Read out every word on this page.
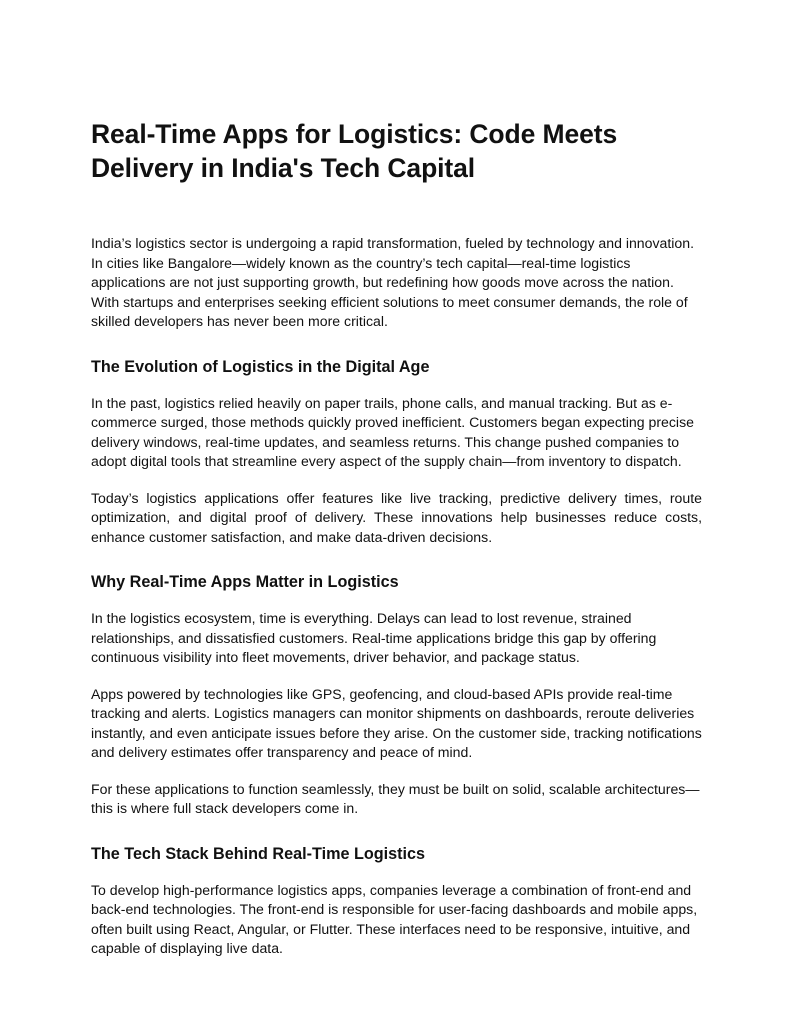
Real-Time Apps for Logistics: Code Meets
Delivery in India's Tech Capital

India’s logistics sector is undergoing a rapid transformation, fueled by technology and innovation. In cities like Bangalore—widely known as the country’s tech capital—real-time logistics applications are not just supporting growth, but redefining how goods move across the nation. With startups and enterprises seeking efficient solutions to meet consumer demands, the role of skilled developers has never been more critical.

The Evolution of Logistics in the Digital Age

In the past, logistics relied heavily on paper trails, phone calls, and manual tracking. But as e-commerce surged, those methods quickly proved inefficient. Customers began expecting precise delivery windows, real-time updates, and seamless returns. This change pushed companies to adopt digital tools that streamline every aspect of the supply chain—from inventory to dispatch.

Today’s logistics applications offer features like live tracking, predictive delivery times, route optimization, and digital proof of delivery. These innovations help businesses reduce costs, enhance customer satisfaction, and make data-driven decisions.

Why Real-Time Apps Matter in Logistics

In the logistics ecosystem, time is everything. Delays can lead to lost revenue, strained relationships, and dissatisfied customers. Real-time applications bridge this gap by offering continuous visibility into fleet movements, driver behavior, and package status.

Apps powered by technologies like GPS, geofencing, and cloud-based APIs provide real-time tracking and alerts. Logistics managers can monitor shipments on dashboards, reroute deliveries instantly, and even anticipate issues before they arise. On the customer side, tracking notifications and delivery estimates offer transparency and peace of mind.

For these applications to function seamlessly, they must be built on solid, scalable architectures—this is where full stack developers come in.

The Tech Stack Behind Real-Time Logistics

To develop high-performance logistics apps, companies leverage a combination of front-end and back-end technologies. The front-end is responsible for user-facing dashboards and mobile apps, often built using React, Angular, or Flutter. These interfaces need to be responsive, intuitive, and capable of displaying live data.
